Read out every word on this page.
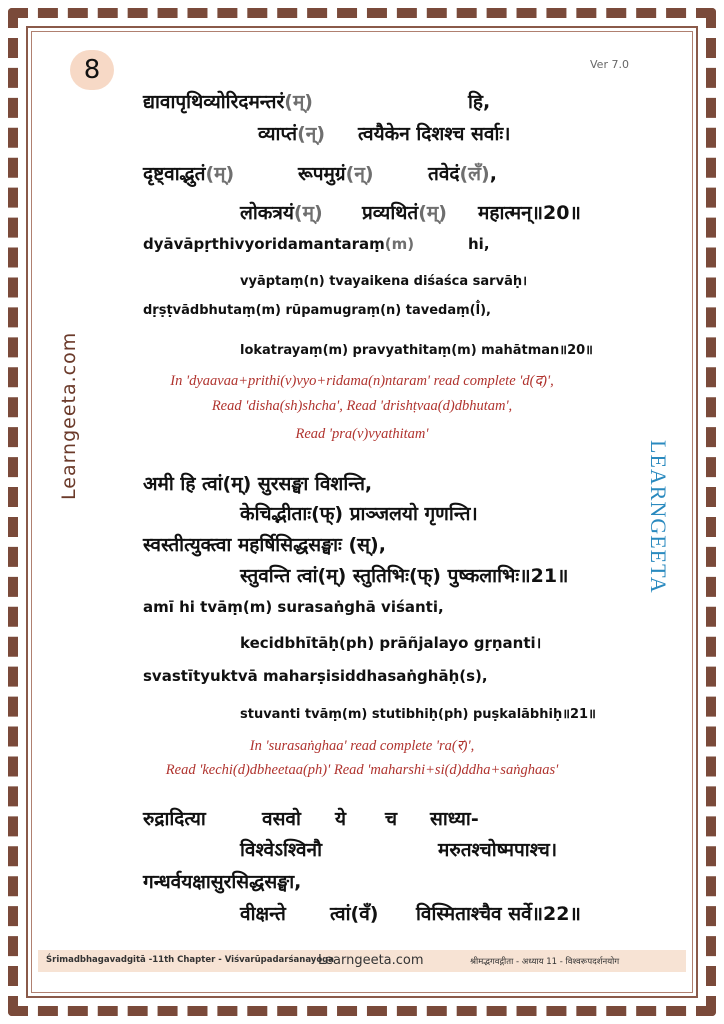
8	Ver 7.0
Learngeeta.com
LEARNGEETA
द्यावापृथिव्योरिदमन्तरं(म्)	हि,
व्याप्तं(न्) त्वयैकेन दिशश्च सर्वाः।
दृष्ट्वाद्भुतं(म्)	रूपमुग्रं(न्)	तवेदं(लँ),
लोकत्रयं(म्) प्रव्यथितं(म्) महात्मन्॥20॥
dyāvāpṛthivyoridamantaraṃ(m)	hi,
vyāptaṃ(n) tvayaikena diśaśca sarvāḥ।
dṛṣṭvādbhutaṃ(m) rūpamugraṃ(n) tavedaṃ(l̐),
lokatrayaṃ(m) pravyathitaṃ(m) mahātman॥20॥
In 'dyaavaa+prithi(v)vyo+ridama(n)ntaram' read complete 'd(द)',
Read 'disha(sh)shcha', Read 'drishṭvaa(d)dbhutam',
Read 'pra(v)vyathitam'
अमी हि त्वां(म्) सुरसङ्घा विशन्ति,
केचिद्भीताः(फ्) प्राञ्जलयो गृणन्ति।
स्वस्तीत्युक्त्वा महर्षिसिद्धसङ्घाः (स्),
स्तुवन्ति त्वां(म्) स्तुतिभिः(फ्) पुष्कलाभिः॥21॥
amī hi tvāṃ(m) surasaṅghā viśanti,
kecidbhītāḥ(ph) prāñjalayo gṛṇanti।
svastītyuktvā maharṣisiddhasaṅghāḥ(s),
stuvanti tvāṃ(m) stutibhiḥ(ph) puṣkalābhiḥ॥21॥
In 'surasaṅghaa' read complete 'ra(र)',
Read 'kechi(d)dbheetaa(ph)' Read 'maharshi+si(d)ddha+saṅghaas'
रुद्रादित्या	वसवो ये च साध्या-
विश्वेऽश्विनौ	मरुतश्चोष्मपाश्च।
गन्धर्वयक्षासुरसिद्धसङ्घा,
वीक्षन्ते त्वां(वँ) विस्मिताश्चैव सर्वे॥22॥
Śrimadbhagavadgitā -11th Chapter - Viśvarūpadarśanayoga
Learngeeta.com	श्रीमद्भगवद्गीता - अध्याय 11 - विश्वरूपदर्शनयोग
